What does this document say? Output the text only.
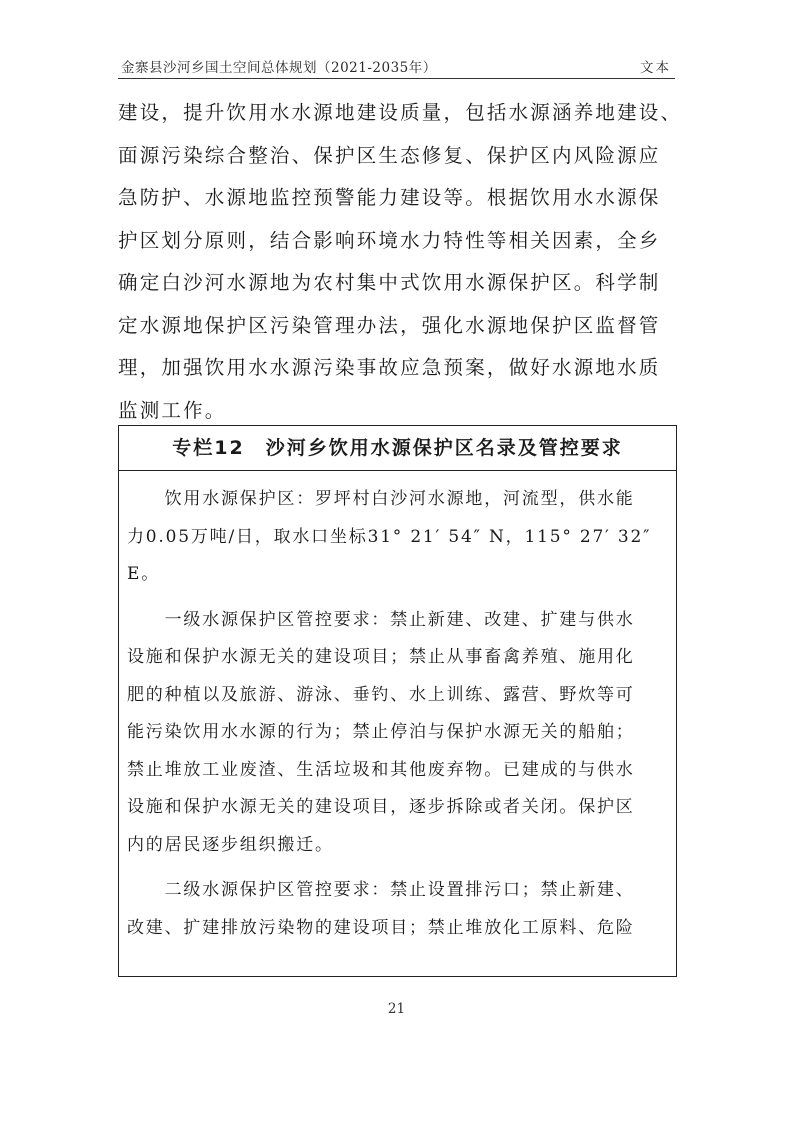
金寨县沙河乡国土空间总体规划（2021-2035年）	文本
建设，提升饮用水水源地建设质量，包括水源涵养地建设、
面源污染综合整治、保护区生态修复、保护区内风险源应
急防护、水源地监控预警能力建设等。根据饮用水水源保
护区划分原则，结合影响环境水力特性等相关因素，全乡
确定白沙河水源地为农村集中式饮用水源保护区。科学制
定水源地保护区污染管理办法，强化水源地保护区监督管
理，加强饮用水水源污染事故应急预案，做好水源地水质
监测工作。
专栏12　沙河乡饮用水源保护区名录及管控要求
　　饮用水源保护区：罗坪村白沙河水源地，河流型，供水能
力0.05万吨/日，取水口坐标31° 21′ 54″ N，115° 27′ 32″
E。
　　一级水源保护区管控要求：禁止新建、改建、扩建与供水
设施和保护水源无关的建设项目；禁止从事畜禽养殖、施用化
肥的种植以及旅游、游泳、垂钓、水上训练、露营、野炊等可
能污染饮用水水源的行为；禁止停泊与保护水源无关的船舶；
禁止堆放工业废渣、生活垃圾和其他废弃物。已建成的与供水
设施和保护水源无关的建设项目，逐步拆除或者关闭。保护区
内的居民逐步组织搬迁。
　　二级水源保护区管控要求：禁止设置排污口；禁止新建、
改建、扩建排放污染物的建设项目；禁止堆放化工原料、危险
21
